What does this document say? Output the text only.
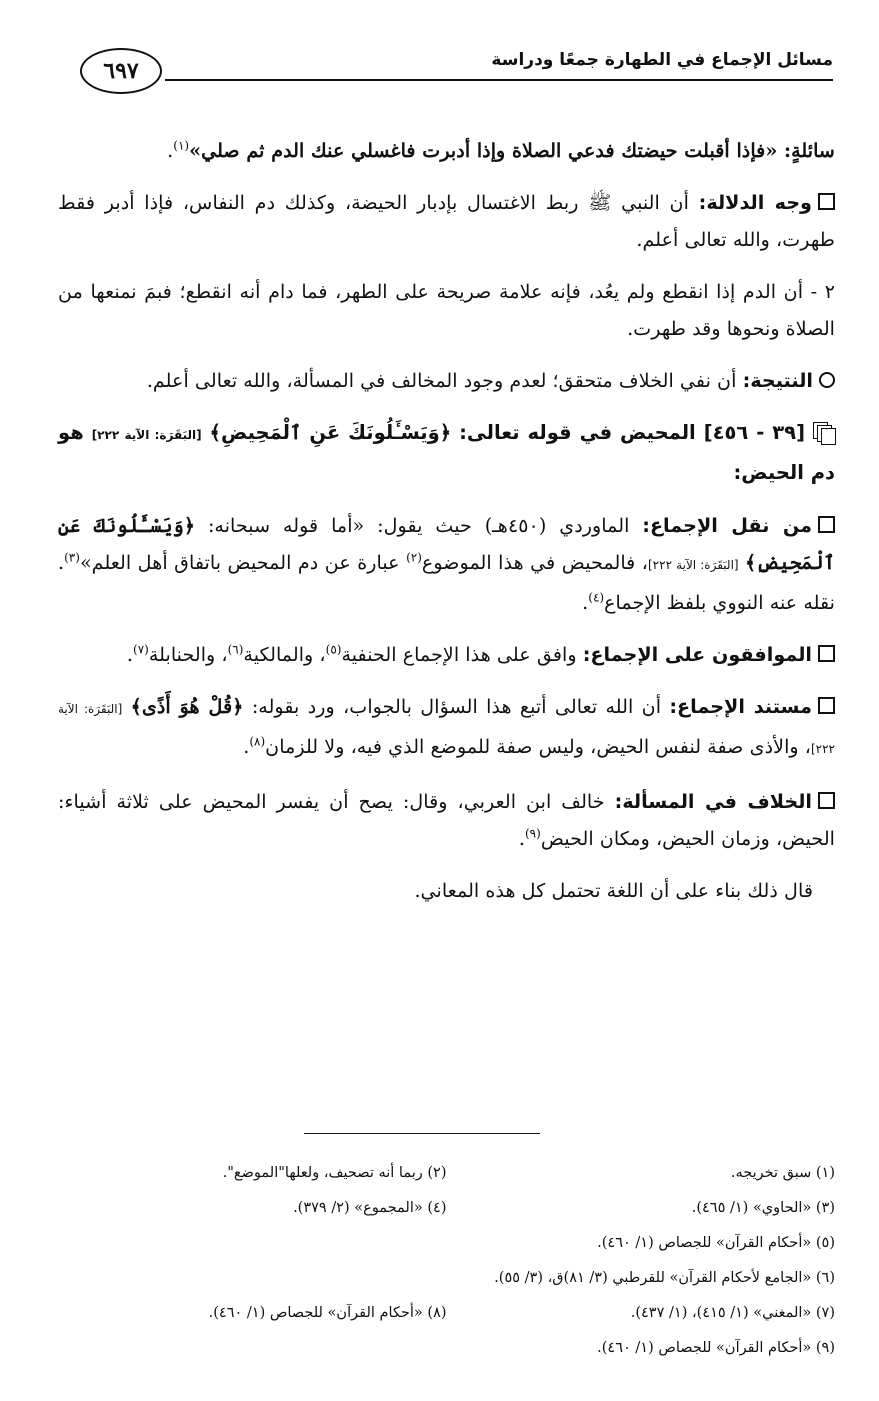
مسائل الإجماع في الطهارة جمعًا ودراسة
٦٩٧

سائلةٍ: «فإذا أقبلت حيضتك فدعي الصلاة وإذا أدبرت فاغسلي عنك الدم ثم صلي»$^{(١)}$.

وجه الدلالة: أن النبي ﷺ ربط الاغتسال بإدبار الحيضة، وكذلك دم النفاس، فإذا أدبر فقط طهرت، والله تعالى أعلم.

٢ - أن الدم إذا انقطع ولم يعُد، فإنه علامة صريحة على الطهر، فما دام أنه انقطع؛ فبمَ نمنعها من الصلاة ونحوها وقد طهرت.

النتيجة: أن نفي الخلاف متحقق؛ لعدم وجود المخالف في المسألة، والله تعالى أعلم.

[٣٩ - ٤٥٦] المحيض في قوله تعالى: ﴿وَيَسْـَٔلُونَكَ عَنِ ٱلْمَحِيضِ﴾ [البَقَرَة: الآية ٢٢٢] هو دم الحيض:

من نقل الإجماع: الماوردي (٤٥٠هـ) حيث يقول: «أما قوله سبحانه: ﴿وَيَسْـَٔلُونَكَ عَنِ ٱلْمَحِيضِ﴾ [البَقَرَة: الآية ٢٢٢]، فالمحيض في هذا الموضوع$^{(٢)}$ عبارة عن دم المحيض باتفاق أهل العلم»$^{(٣)}$. نقله عنه النووي بلفظ الإجماع$^{(٤)}$.

الموافقون على الإجماع: وافق على هذا الإجماع الحنفية$^{(٥)}$، والمالكية$^{(٦)}$، والحنابلة$^{(٧)}$.

مستند الإجماع: أن الله تعالى أتبع هذا السؤال بالجواب، ورد بقوله: ﴿قُلْ هُوَ أَذًى﴾ [البَقَرَة: الآية ٢٢٢]، والأذى صفة لنفس الحيض، وليس صفة للموضع الذي فيه، ولا للزمان$^{(٨)}$.

الخلاف في المسألة: خالف ابن العربي، وقال: يصح أن يفسر المحيض على ثلاثة أشياء: الحيض، وزمان الحيض، ومكان الحيض$^{(٩)}$.

قال ذلك بناء على أن اللغة تحتمل كل هذه المعاني.

(١) سبق تخريجه.
(٢) ربما أنه تصحيف، ولعلها"الموضع".
(٣) «الحاوي» (١/ ٤٦٥).
(٤) «المجموع» (٢/ ٣٧٩).
(٥) «أحكام القرآن» للجصاص (١/ ٤٦٠).
(٦) «الجامع لأحكام القرآن» للقرطبي (٣/ ٨١)ق، (٣/ ٥٥).
(٧) «المغني» (١/ ٤١٥)، (١/ ٤٣٧).
(٨) «أحكام القرآن» للجصاص (١/ ٤٦٠).
(٩) «أحكام القرآن» للجصاص (١/ ٤٦٠).
